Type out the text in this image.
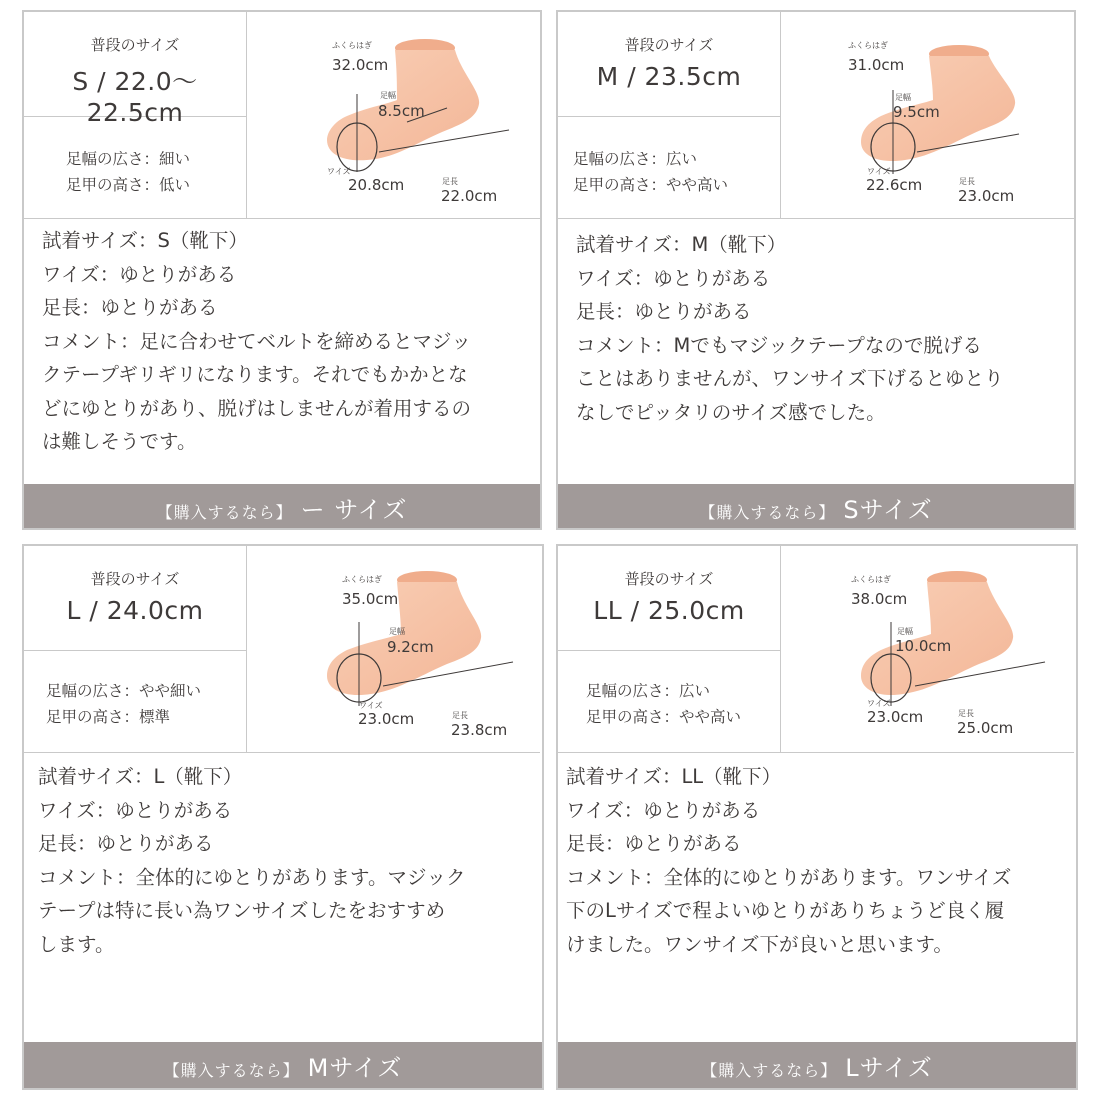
普段のサイズ
S / 22.0〜22.5cm
足幅の広さ：細い
足甲の高さ：低い
ふくらはぎ
32.0cm
足幅
8.5cm
ワイズ
20.8cm	足長
22.0cm
試着サイズ：S（靴下）
ワイズ：ゆとりがある
足長：ゆとりがある
コメント：足に合わせてベルトを締めるとマジッ
クテープギリギリになります。それでもかかとな
どにゆとりがあり、脱げはしませんが着用するの
は難しそうです。
【購入するなら】 ー サイズ
普段のサイズ
M / 23.5cm
足幅の広さ：広い
足甲の高さ：やや高い
ふくらはぎ
31.0cm
足幅
9.5cm
ワイズ
22.6cm	足長
23.0cm
試着サイズ：M（靴下）
ワイズ：ゆとりがある
足長：ゆとりがある
コメント：Mでもマジックテープなので脱げる
ことはありませんが、ワンサイズ下げるとゆとり
なしでピッタリのサイズ感でした。
【購入するなら】 Sサイズ
普段のサイズ
L / 24.0cm
足幅の広さ：やや細い
足甲の高さ：標準
ふくらはぎ
35.0cm
足幅
9.2cm
ワイズ
23.0cm	足長
23.8cm
試着サイズ：L（靴下）
ワイズ：ゆとりがある
足長：ゆとりがある
コメント：全体的にゆとりがあります。マジック
テープは特に長い為ワンサイズしたをおすすめ
します。
【購入するなら】 Mサイズ
普段のサイズ
LL / 25.0cm
足幅の広さ：広い
足甲の高さ：やや高い
ふくらはぎ
38.0cm
足幅
10.0cm
ワイズ
23.0cm	足長
25.0cm
試着サイズ：LL（靴下）
ワイズ：ゆとりがある
足長：ゆとりがある
コメント：全体的にゆとりがあります。ワンサイズ
下のLサイズで程よいゆとりがありちょうど良く履
けました。ワンサイズ下が良いと思います。
【購入するなら】 Lサイズ
